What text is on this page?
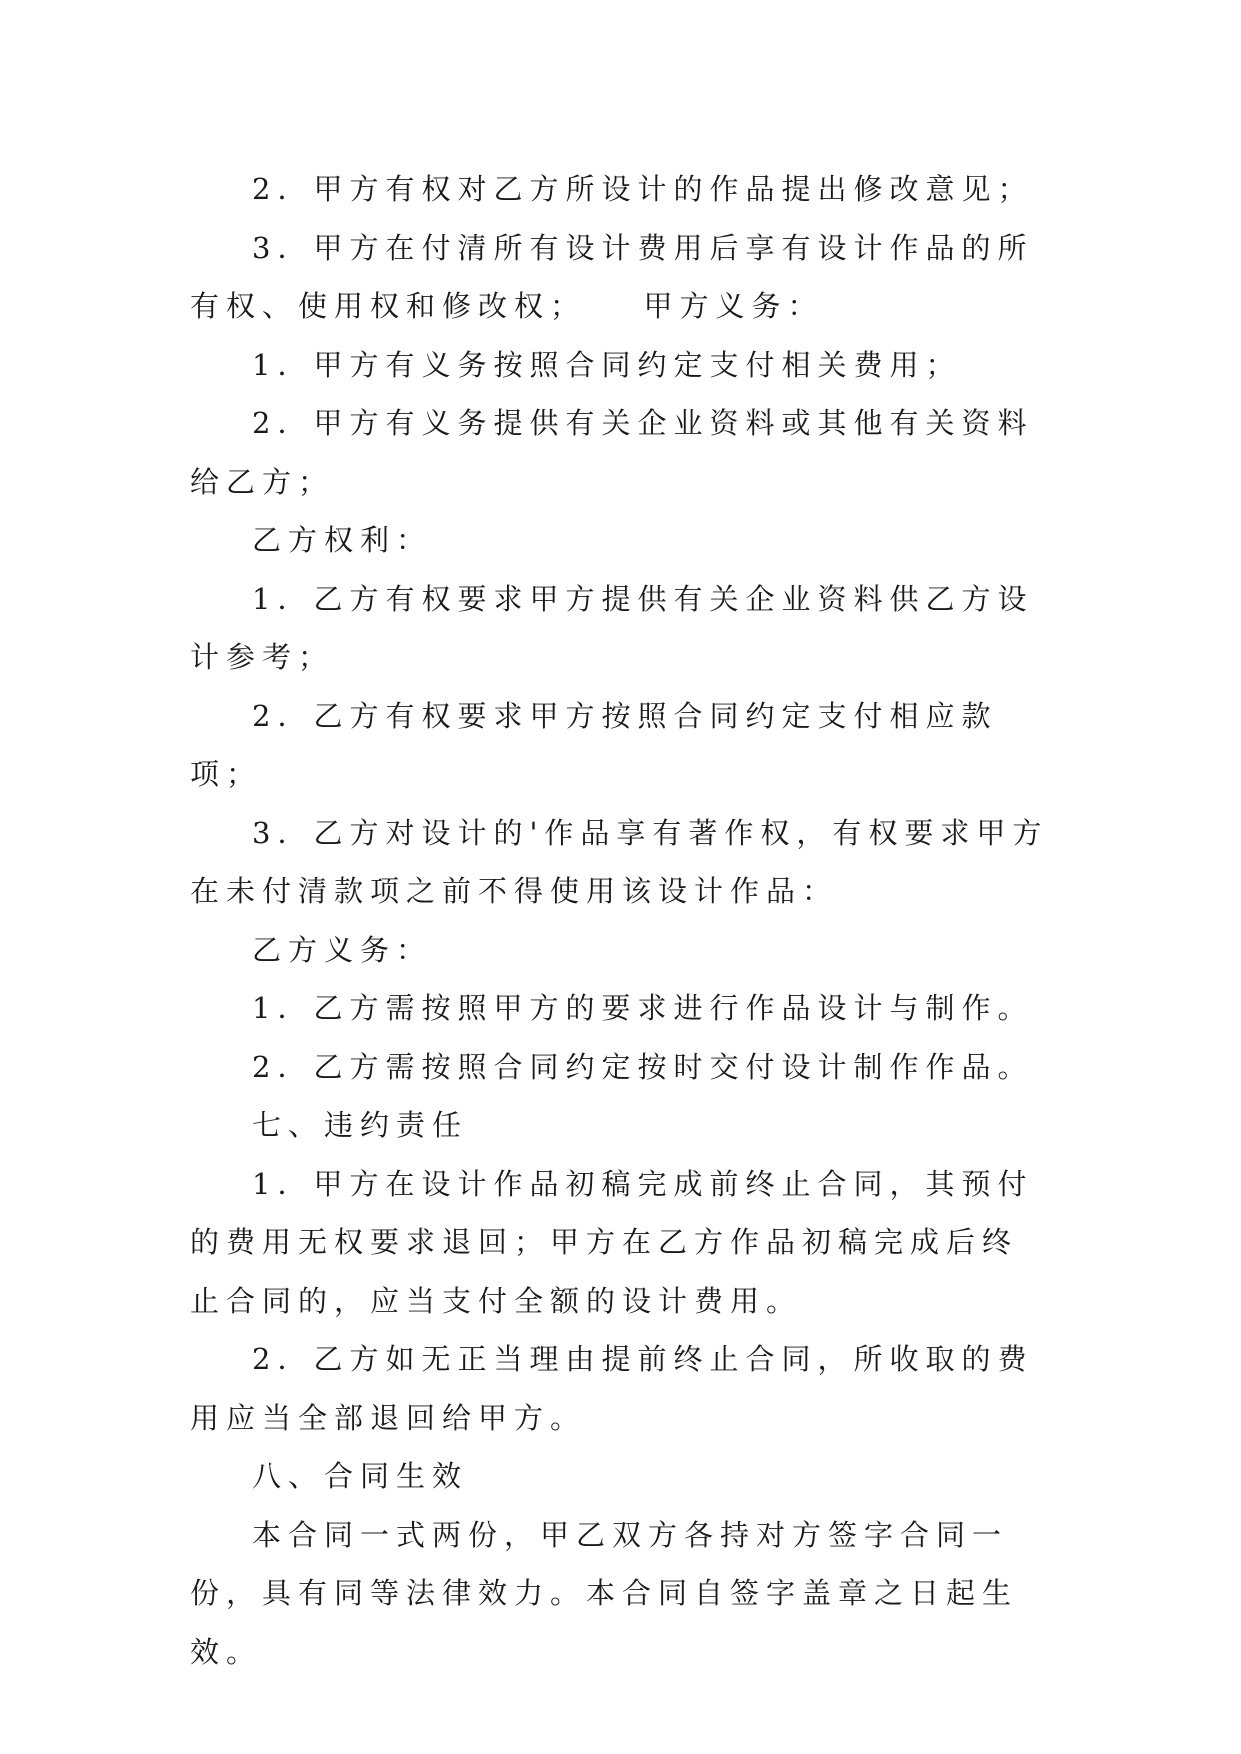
2．甲方有权对乙方所设计的作品提出修改意见；

3．甲方在付清所有设计费用后享有设计作品的所有权、使用权和修改权；　　甲方义务：

1．甲方有义务按照合同约定支付相关费用；

2．甲方有义务提供有关企业资料或其他有关资料给乙方；

乙方权利：

1．乙方有权要求甲方提供有关企业资料供乙方设计参考；

2．乙方有权要求甲方按照合同约定支付相应款项；

3．乙方对设计的'作品享有著作权，有权要求甲方在未付清款项之前不得使用该设计作品：

乙方义务：

1．乙方需按照甲方的要求进行作品设计与制作。

2．乙方需按照合同约定按时交付设计制作作品。

七、违约责任

1．甲方在设计作品初稿完成前终止合同，其预付的费用无权要求退回；甲方在乙方作品初稿完成后终止合同的，应当支付全额的设计费用。

2．乙方如无正当理由提前终止合同，所收取的费用应当全部退回给甲方。

八、合同生效

本合同一式两份，甲乙双方各持对方签字合同一份，具有同等法律效力。本合同自签字盖章之日起生效。
